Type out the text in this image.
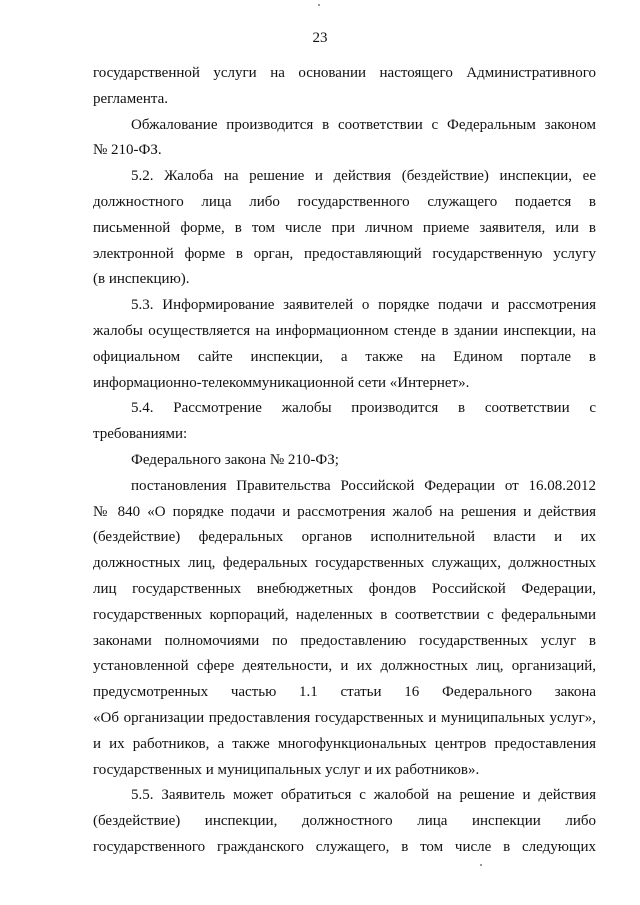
23
государственной услуги на основании настоящего Административного
регламента.
Обжалование производится в соответствии с Федеральным законом
№ 210-ФЗ.
5.2. Жалоба на решение и действия (бездействие) инспекции, ее
должностного лица либо государственного служащего подается в
письменной форме, в том числе при личном приеме заявителя, или в
электронной форме в орган, предоставляющий государственную услугу
(в инспекцию).
5.3. Информирование заявителей о порядке подачи и рассмотрения
жалобы осуществляется на информационном стенде в здании инспекции, на
официальном сайте инспекции, а также на Едином портале в
информационно-телекоммуникационной сети «Интернет».
5.4. Рассмотрение жалобы производится в соответствии с
требованиями:
Федерального закона № 210-ФЗ;
постановления Правительства Российской Федерации от 16.08.2012
№ 840 «О порядке подачи и рассмотрения жалоб на решения и действия
(бездействие) федеральных органов исполнительной власти и их
должностных лиц, федеральных государственных служащих, должностных
лиц государственных внебюджетных фондов Российской Федерации,
государственных корпораций, наделенных в соответствии с федеральными
законами полномочиями по предоставлению государственных услуг в
установленной сфере деятельности, и их должностных лиц, организаций,
предусмотренных частью 1.1 статьи 16 Федерального закона
«Об организации предоставления государственных и муниципальных услуг»,
и их работников, а также многофункциональных центров предоставления
государственных и муниципальных услуг и их работников».
5.5. Заявитель может обратиться с жалобой на решение и действия
(бездействие) инспекции, должностного лица инспекции либо
государственного гражданского служащего, в том числе в следующих
